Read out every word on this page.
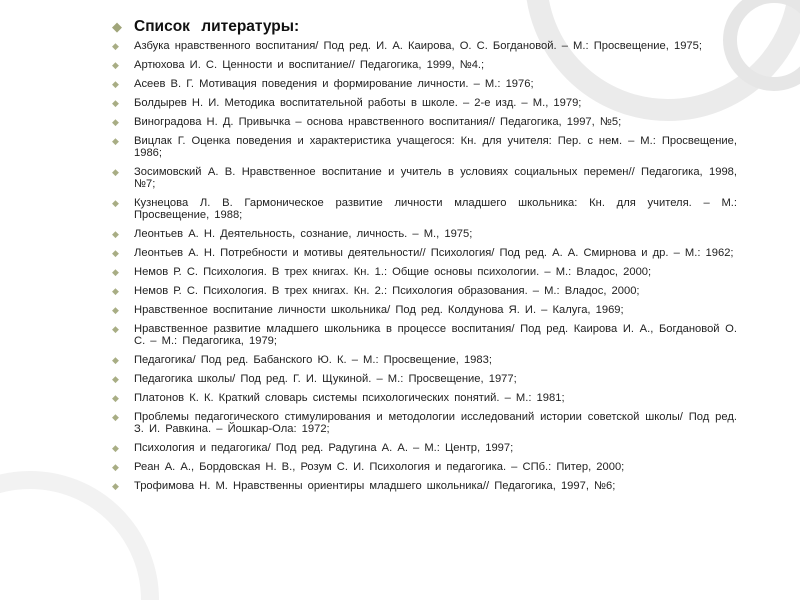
◆ Список литературы:
◆	Азбука нравственного воспитания/ Под ред. И. А. Каирова, О. С. Богдановой. – М.: Просвещение, 1975;
◆	Артюхова И. С. Ценности и воспитание// Педагогика, 1999, №4.;
◆	Асеев В. Г. Мотивация поведения и формирование личности. – М.: 1976;
◆	Болдырев Н. И. Методика воспитательной работы в школе. – 2-е изд. – М., 1979;
◆	Виноградова Н. Д. Привычка – основа нравственного воспитания// Педагогика, 1997, №5;
◆	Вицлак Г. Оценка поведения и характеристика учащегося: Кн. для учителя: Пер. с нем. – М.: Просвещение, 1986;
◆	Зосимовский А. В. Нравственное воспитание и учитель в условиях социальных перемен// Педагогика, 1998, №7;
◆	Кузнецова Л. В. Гармоническое развитие личности младшего школьника: Кн. для учителя. – М.: Просвещение, 1988;
◆	Леонтьев А. Н. Деятельность, сознание, личность. – М., 1975;
◆	Леонтьев А. Н. Потребности и мотивы деятельности// Психология/ Под ред. А. А. Смирнова и др. – М.: 1962;
◆	Немов Р. С. Психология. В трех книгах. Кн. 1.: Общие основы психологии. – М.: Владос, 2000;
◆	Немов Р. С. Психология. В трех книгах. Кн. 2.: Психология образования. – М.: Владос, 2000;
◆	Нравственное воспитание личности школьника/ Под ред. Колдунова Я. И. – Калуга, 1969;
◆	Нравственное развитие младшего школьника в процессе воспитания/ Под ред. Каирова И. А., Богдановой О. С. – М.: Педагогика, 1979;
◆	Педагогика/ Под ред. Бабанского Ю. К. – М.: Просвещение, 1983;
◆	Педагогика школы/ Под ред. Г. И. Щукиной. – М.: Просвещение, 1977;
◆	Платонов К. К. Краткий словарь системы психологических понятий. – М.: 1981;
◆	Проблемы педагогического стимулирования и методологии исследований истории советской школы/ Под ред. З. И. Равкина. – Йошкар-Ола: 1972;
◆	Психология и педагогика/ Под ред. Радугина А. А. – М.: Центр, 1997;
◆	Реан А. А., Бордовская Н. В., Розум С. И. Психология и педагогика. – СПб.: Питер, 2000;
◆	Трофимова Н. М. Нравственны ориентиры младшего школьника// Педагогика, 1997, №6;
